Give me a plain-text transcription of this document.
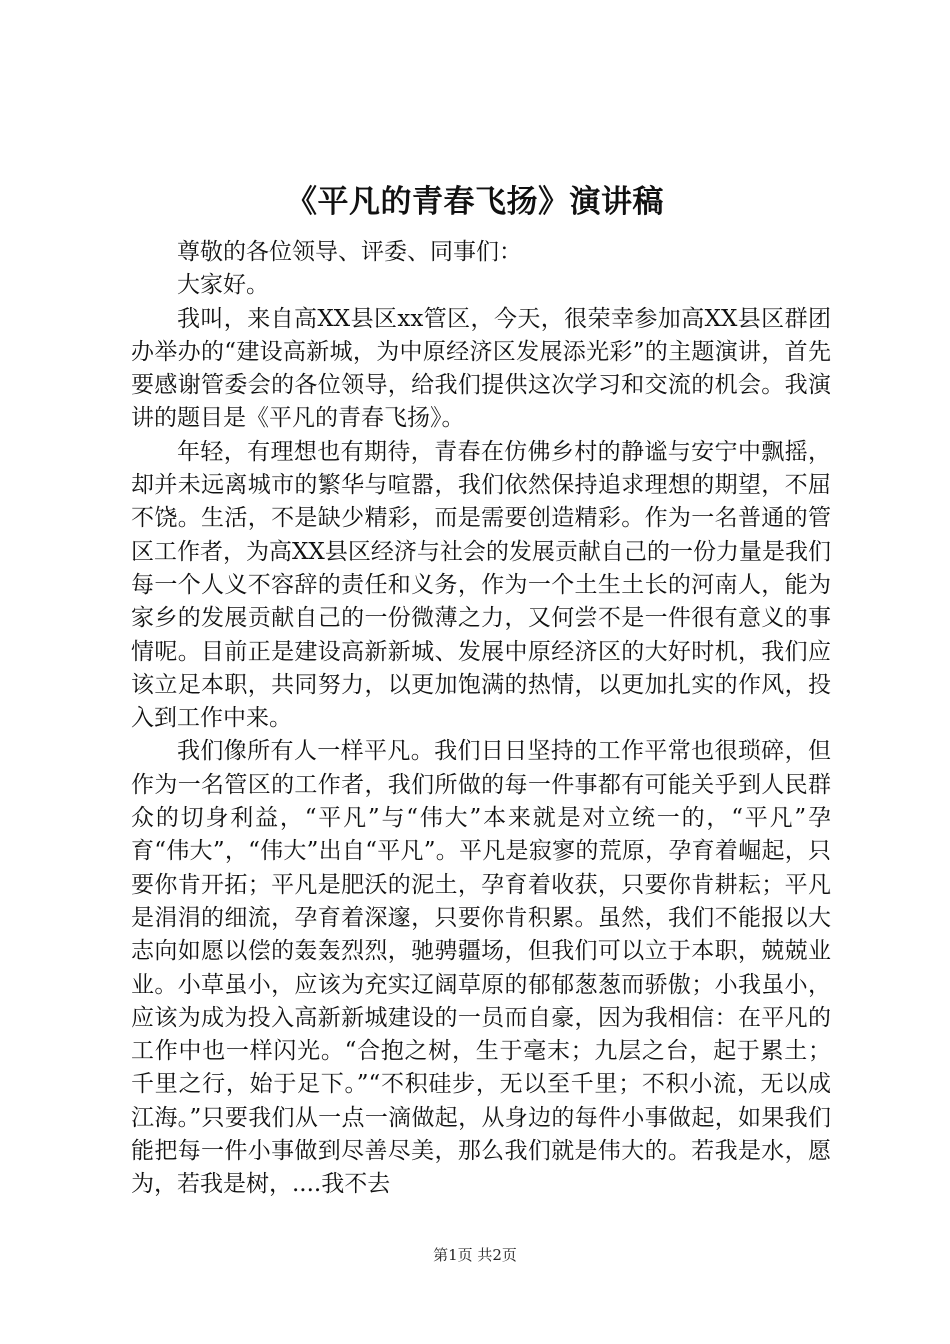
《平凡的青春飞扬》演讲稿

尊敬的各位领导、评委、同事们：

大家好。

我叫，来自高XX县区xx管区，今天，很荣幸参加高XX县区群团办举办的“建设高新城，为中原经济区发展添光彩”的主题演讲，首先要感谢管委会的各位领导，给我们提供这次学习和交流的机会。我演讲的题目是《平凡的青春飞扬》。

年轻，有理想也有期待，青春在仿佛乡村的静谧与安宁中飘摇，却并未远离城市的繁华与喧嚣，我们依然保持追求理想的期望，不屈不饶。生活，不是缺少精彩，而是需要创造精彩。作为一名普通的管区工作者，为高XX县区经济与社会的发展贡献自己的一份力量是我们每一个人义不容辞的责任和义务，作为一个土生土长的河南人，能为家乡的发展贡献自己的一份微薄之力，又何尝不是一件很有意义的事情呢。目前正是建设高新新城、发展中原经济区的大好时机，我们应该立足本职，共同努力，以更加饱满的热情，以更加扎实的作风，投入到工作中来。

我们像所有人一样平凡。我们日日坚持的工作平常也很琐碎，但作为一名管区的工作者，我们所做的每一件事都有可能关乎到人民群众的切身利益，“平凡”与“伟大”本来就是对立统一的，“平凡”孕育“伟大”，“伟大”出自“平凡”。平凡是寂寥的荒原，孕育着崛起，只要你肯开拓；平凡是肥沃的泥土，孕育着收获，只要你肯耕耘；平凡是涓涓的细流，孕育着深邃，只要你肯积累。虽然，我们不能报以大志向如愿以偿的轰轰烈烈，驰骋疆场，但我们可以立于本职，兢兢业业。小草虽小，应该为充实辽阔草原的郁郁葱葱而骄傲；小我虽小，应该为成为投入高新新城建设的一员而自豪，因为我相信：在平凡的工作中也一样闪光。“合抱之树，生于毫末；九层之台，起于累土；千里之行，始于足下。”“不积硅步，无以至千里；不积小流，无以成江海。”只要我们从一点一滴做起，从身边的每件小事做起，如果我们能把每一件小事做到尽善尽美，那么我们就是伟大的。若我是水，愿为，若我是树，....我不去

第1页 共2页
